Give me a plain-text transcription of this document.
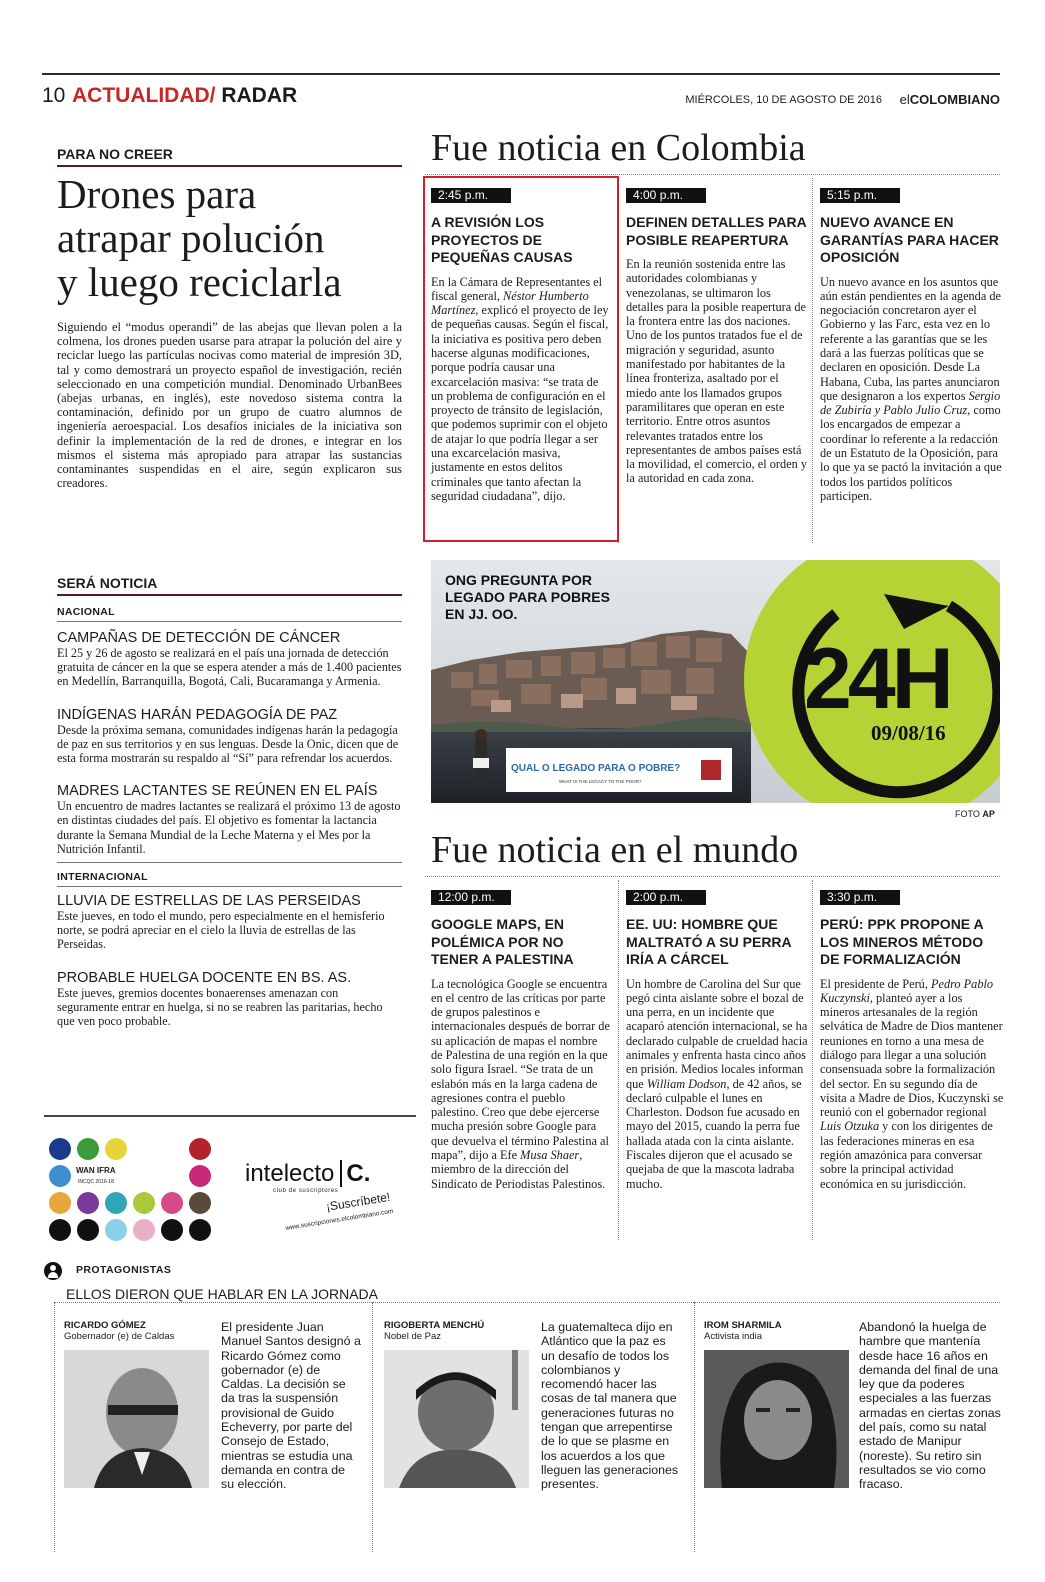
10 ACTUALIDAD/ RADAR	MIÉRCOLES, 10 DE AGOSTO DE 2016 elCOLOMBIANO
PARA NO CREER
Drones para
atrapar polución
y luego reciclarla
Siguiendo el “modus operandi” de las abejas que llevan polen a la colmena, los drones pueden usarse para atrapar la polución del aire y reciclar luego las partículas nocivas como material de impresión 3D, tal y como demostrará un proyecto español de investigación, recién seleccionado en una competición mundial. Denominado UrbanBees (abejas urbanas, en inglés), este novedoso sistema contra la contaminación, definido por un grupo de cuatro alumnos de ingeniería aeroespacial. Los desafíos iniciales de la iniciativa son definir la implementación de la red de drones, e integrar en los mismos el sistema más apropiado para atrapar las sustancias contaminantes suspendidas en el aire, según explicaron sus creadores.
Fue noticia en Colombia
2:45 p.m.
A REVISIÓN LOS PROYECTOS DE PEQUEÑAS CAUSAS
En la Cámara de Representantes el fiscal general, Néstor Humberto Martínez, explicó el proyecto de ley de pequeñas causas. Según el fiscal, la iniciativa es positiva pero deben hacerse algunas modificaciones, porque podría causar una excarcelación masiva: “se trata de un problema de configuración en el proyecto de tránsito de legislación, que podemos suprimir con el objeto de atajar lo que podría llegar a ser una excarcelación masiva, justamente en estos delitos criminales que tanto afectan la seguridad ciudadana”, dijo.
4:00 p.m.
DEFINEN DETALLES PARA POSIBLE REAPERTURA
En la reunión sostenida entre las autoridades colombianas y venezolanas, se ultimaron los detalles para la posible reapertura de la frontera entre las dos naciones. Uno de los puntos tratados fue el de migración y seguridad, asunto manifestado por habitantes de la línea fronteriza, asaltado por el miedo ante los llamados grupos paramilitares que operan en este territorio. Entre otros asuntos relevantes tratados entre los representantes de ambos países está la movilidad, el comercio, el orden y la autoridad en cada zona.
5:15 p.m.
NUEVO AVANCE EN GARANTÍAS PARA HACER OPOSICIÓN
Un nuevo avance en los asuntos que aún están pendientes en la agenda de negociación concretaron ayer el Gobierno y las Farc, esta vez en lo referente a las garantías que se les dará a las fuerzas políticas que se declaren en oposición. Desde La Habana, Cuba, las partes anunciaron que designaron a los expertos Sergio de Zubiría y Pablo Julio Cruz, como los encargados de empezar a coordinar lo referente a la redacción de un Estatuto de la Oposición, para lo que ya se pactó la invitación a que todos los partidos políticos participen.
SERÁ NOTICIA
NACIONAL
CAMPAÑAS DE DETECCIÓN DE CÁNCER
El 25 y 26 de agosto se realizará en el país una jornada de detección gratuita de cáncer en la que se espera atender a más de 1.400 pacientes en Medellín, Barranquilla, Bogotá, Cali, Bucaramanga y Armenia.
INDÍGENAS HARÁN PEDAGOGÍA DE PAZ
Desde la próxima semana, comunidades indígenas harán la pedagogía de paz en sus territorios y en sus lenguas. Desde la Onic, dicen que de esta forma mostrarán su respaldo al “Sí” para refrendar los acuerdos.
MADRES LACTANTES SE REÚNEN EN EL PAÍS
Un encuentro de madres lactantes se realizará el próximo 13 de agosto en distintas ciudades del país. El objetivo es fomentar la lactancia durante la Semana Mundial de la Leche Materna y el Mes por la Nutrición Infantil.
INTERNACIONAL
LLUVIA DE ESTRELLAS DE LAS PERSEIDAS
Este jueves, en todo el mundo, pero especialmente en el hemisferio norte, se podrá apreciar en el cielo la lluvia de estrellas de las Perseidas.
PROBABLE HUELGA DOCENTE EN BS. AS.
Este jueves, gremios docentes bonaerenses amenazan con seguramente entrar en huelga, si no se reabren las paritarias, hecho que ven poco probable.
ONG PREGUNTA POR LEGADO PARA POBRES EN JJ. OO.
QUAL O LEGADO PARA O POBRE?
WHAT IS THE LEGACY TO THE POOR?
24H
09/08/16
FOTO AP
Fue noticia en el mundo
12:00 p.m.
GOOGLE MAPS, EN POLÉMICA POR NO TENER A PALESTINA
La tecnológica Google se encuentra en el centro de las críticas por parte de grupos palestinos e internacionales después de borrar de su aplicación de mapas el nombre de Palestina de una región en la que solo figura Israel. “Se trata de un eslabón más en la larga cadena de agresiones contra el pueblo palestino. Creo que debe ejercerse mucha presión sobre Google para que devuelva el término Palestina al mapa”, dijo a Efe Musa Shaer, miembro de la dirección del Sindicato de Periodistas Palestinos.
2:00 p.m.
EE. UU: HOMBRE QUE MALTRATÓ A SU PERRA IRÍA A CÁRCEL
Un hombre de Carolina del Sur que pegó cinta aislante sobre el bozal de una perra, en un incidente que acaparó atención internacional, se ha declarado culpable de crueldad hacia animales y enfrenta hasta cinco años en prisión. Medios locales informan que William Dodson, de 42 años, se declaró culpable el lunes en Charleston. Dodson fue acusado en mayo del 2015, cuando la perra fue hallada atada con la cinta aislante. Fiscales dijeron que el acusado se quejaba de que la mascota ladraba mucho.
3:30 p.m.
PERÚ: PPK PROPONE A LOS MINEROS MÉTODO DE FORMALIZACIÓN
El presidente de Perú, Pedro Pablo Kuczynski, planteó ayer a los mineros artesanales de la región selvática de Madre de Dios mantener reuniones en torno a una mesa de diálogo para llegar a una solución consensuada sobre la formalización del sector. En su segundo día de visita a Madre de Dios, Kuczynski se reunió con el gobernador regional Luis Otzuka y con los dirigentes de las federaciones mineras en esa región amazónica para conversar sobre la principal actividad económica en su jurisdicción.
WAN IFRA
INCQC 2016-18	intelecto C.
club de suscriptores
¡Suscríbete!
www.suscripciones.elcolombiano.com
PROTAGONISTAS
ELLOS DIERON QUE HABLAR EN LA JORNADA
RICARDO GÓMEZ
Gobernador (e) de Caldas
El presidente Juan Manuel Santos designó a Ricardo Gómez como gobernador (e) de Caldas. La decisión se da tras la suspensión provisional de Guido Echeverry, por parte del Consejo de Estado, mientras se estudia una demanda en contra de su elección.
RIGOBERTA MENCHÚ
Nobel de Paz
La guatemalteca dijo en Atlántico que la paz es un desafío de todos los colombianos y recomendó hacer las cosas de tal manera que generaciones futuras no tengan que arrepentirse de lo que se plasme en los acuerdos a los que lleguen las generaciones presentes.
IROM SHARMILA
Activista india
Abandonó la huelga de hambre que mantenía desde hace 16 años en demanda del final de una ley que da poderes especiales a las fuerzas armadas en ciertas zonas del país, como su natal estado de Manipur (noreste). Su retiro sin resultados se vio como fracaso.
